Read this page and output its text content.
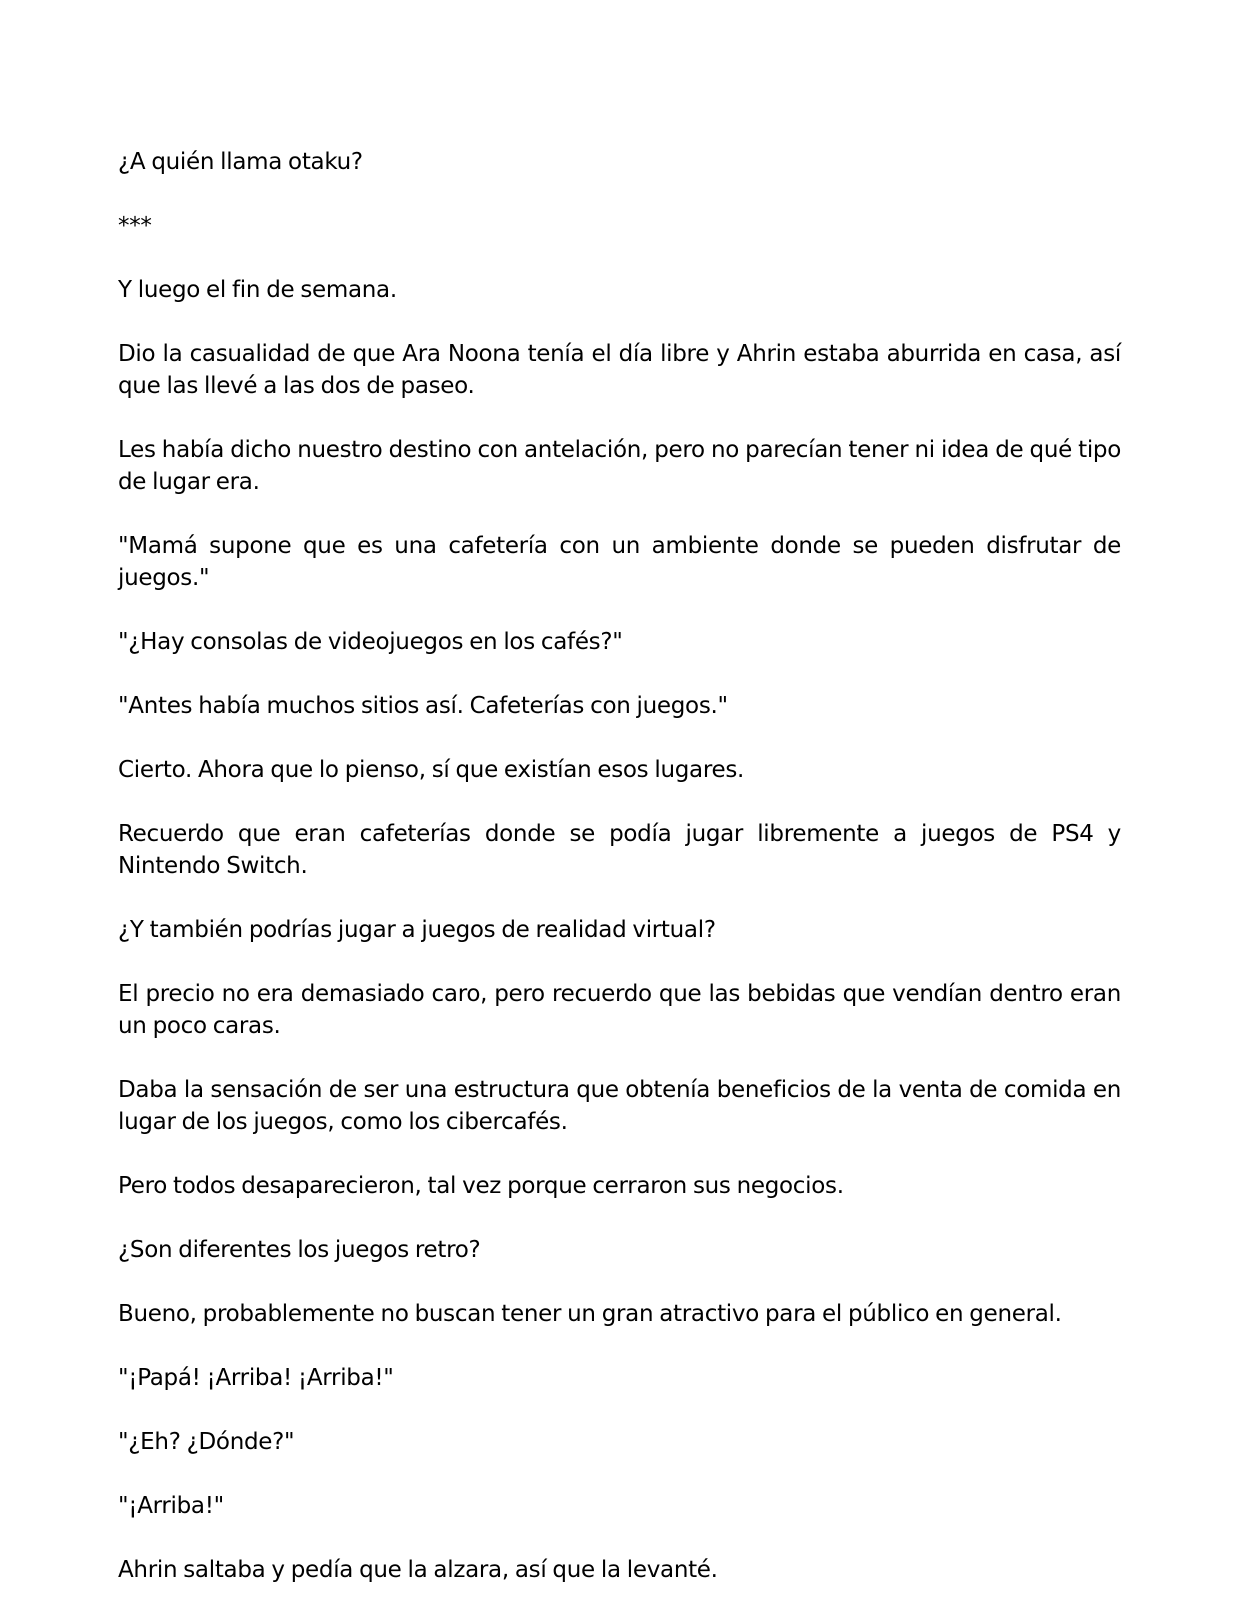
¿A quién llama otaku?

***

Y luego el fin de semana.

Dio la casualidad de que Ara Noona tenía el día libre y Ahrin estaba aburrida en casa, así que las llevé a las dos de paseo.

Les había dicho nuestro destino con antelación, pero no parecían tener ni idea de qué tipo de lugar era.

"Mamá supone que es una cafetería con un ambiente donde se pueden disfrutar de juegos."

"¿Hay consolas de videojuegos en los cafés?"

"Antes había muchos sitios así. Cafeterías con juegos."

Cierto. Ahora que lo pienso, sí que existían esos lugares.

Recuerdo que eran cafeterías donde se podía jugar libremente a juegos de PS4 y Nintendo Switch.

¿Y también podrías jugar a juegos de realidad virtual?

El precio no era demasiado caro, pero recuerdo que las bebidas que vendían dentro eran un poco caras.

Daba la sensación de ser una estructura que obtenía beneficios de la venta de comida en lugar de los juegos, como los cibercafés.

Pero todos desaparecieron, tal vez porque cerraron sus negocios.

¿Son diferentes los juegos retro?

Bueno, probablemente no buscan tener un gran atractivo para el público en general.

"¡Papá! ¡Arriba! ¡Arriba!"

"¿Eh? ¿Dónde?"

"¡Arriba!"

Ahrin saltaba y pedía que la alzara, así que la levanté.
